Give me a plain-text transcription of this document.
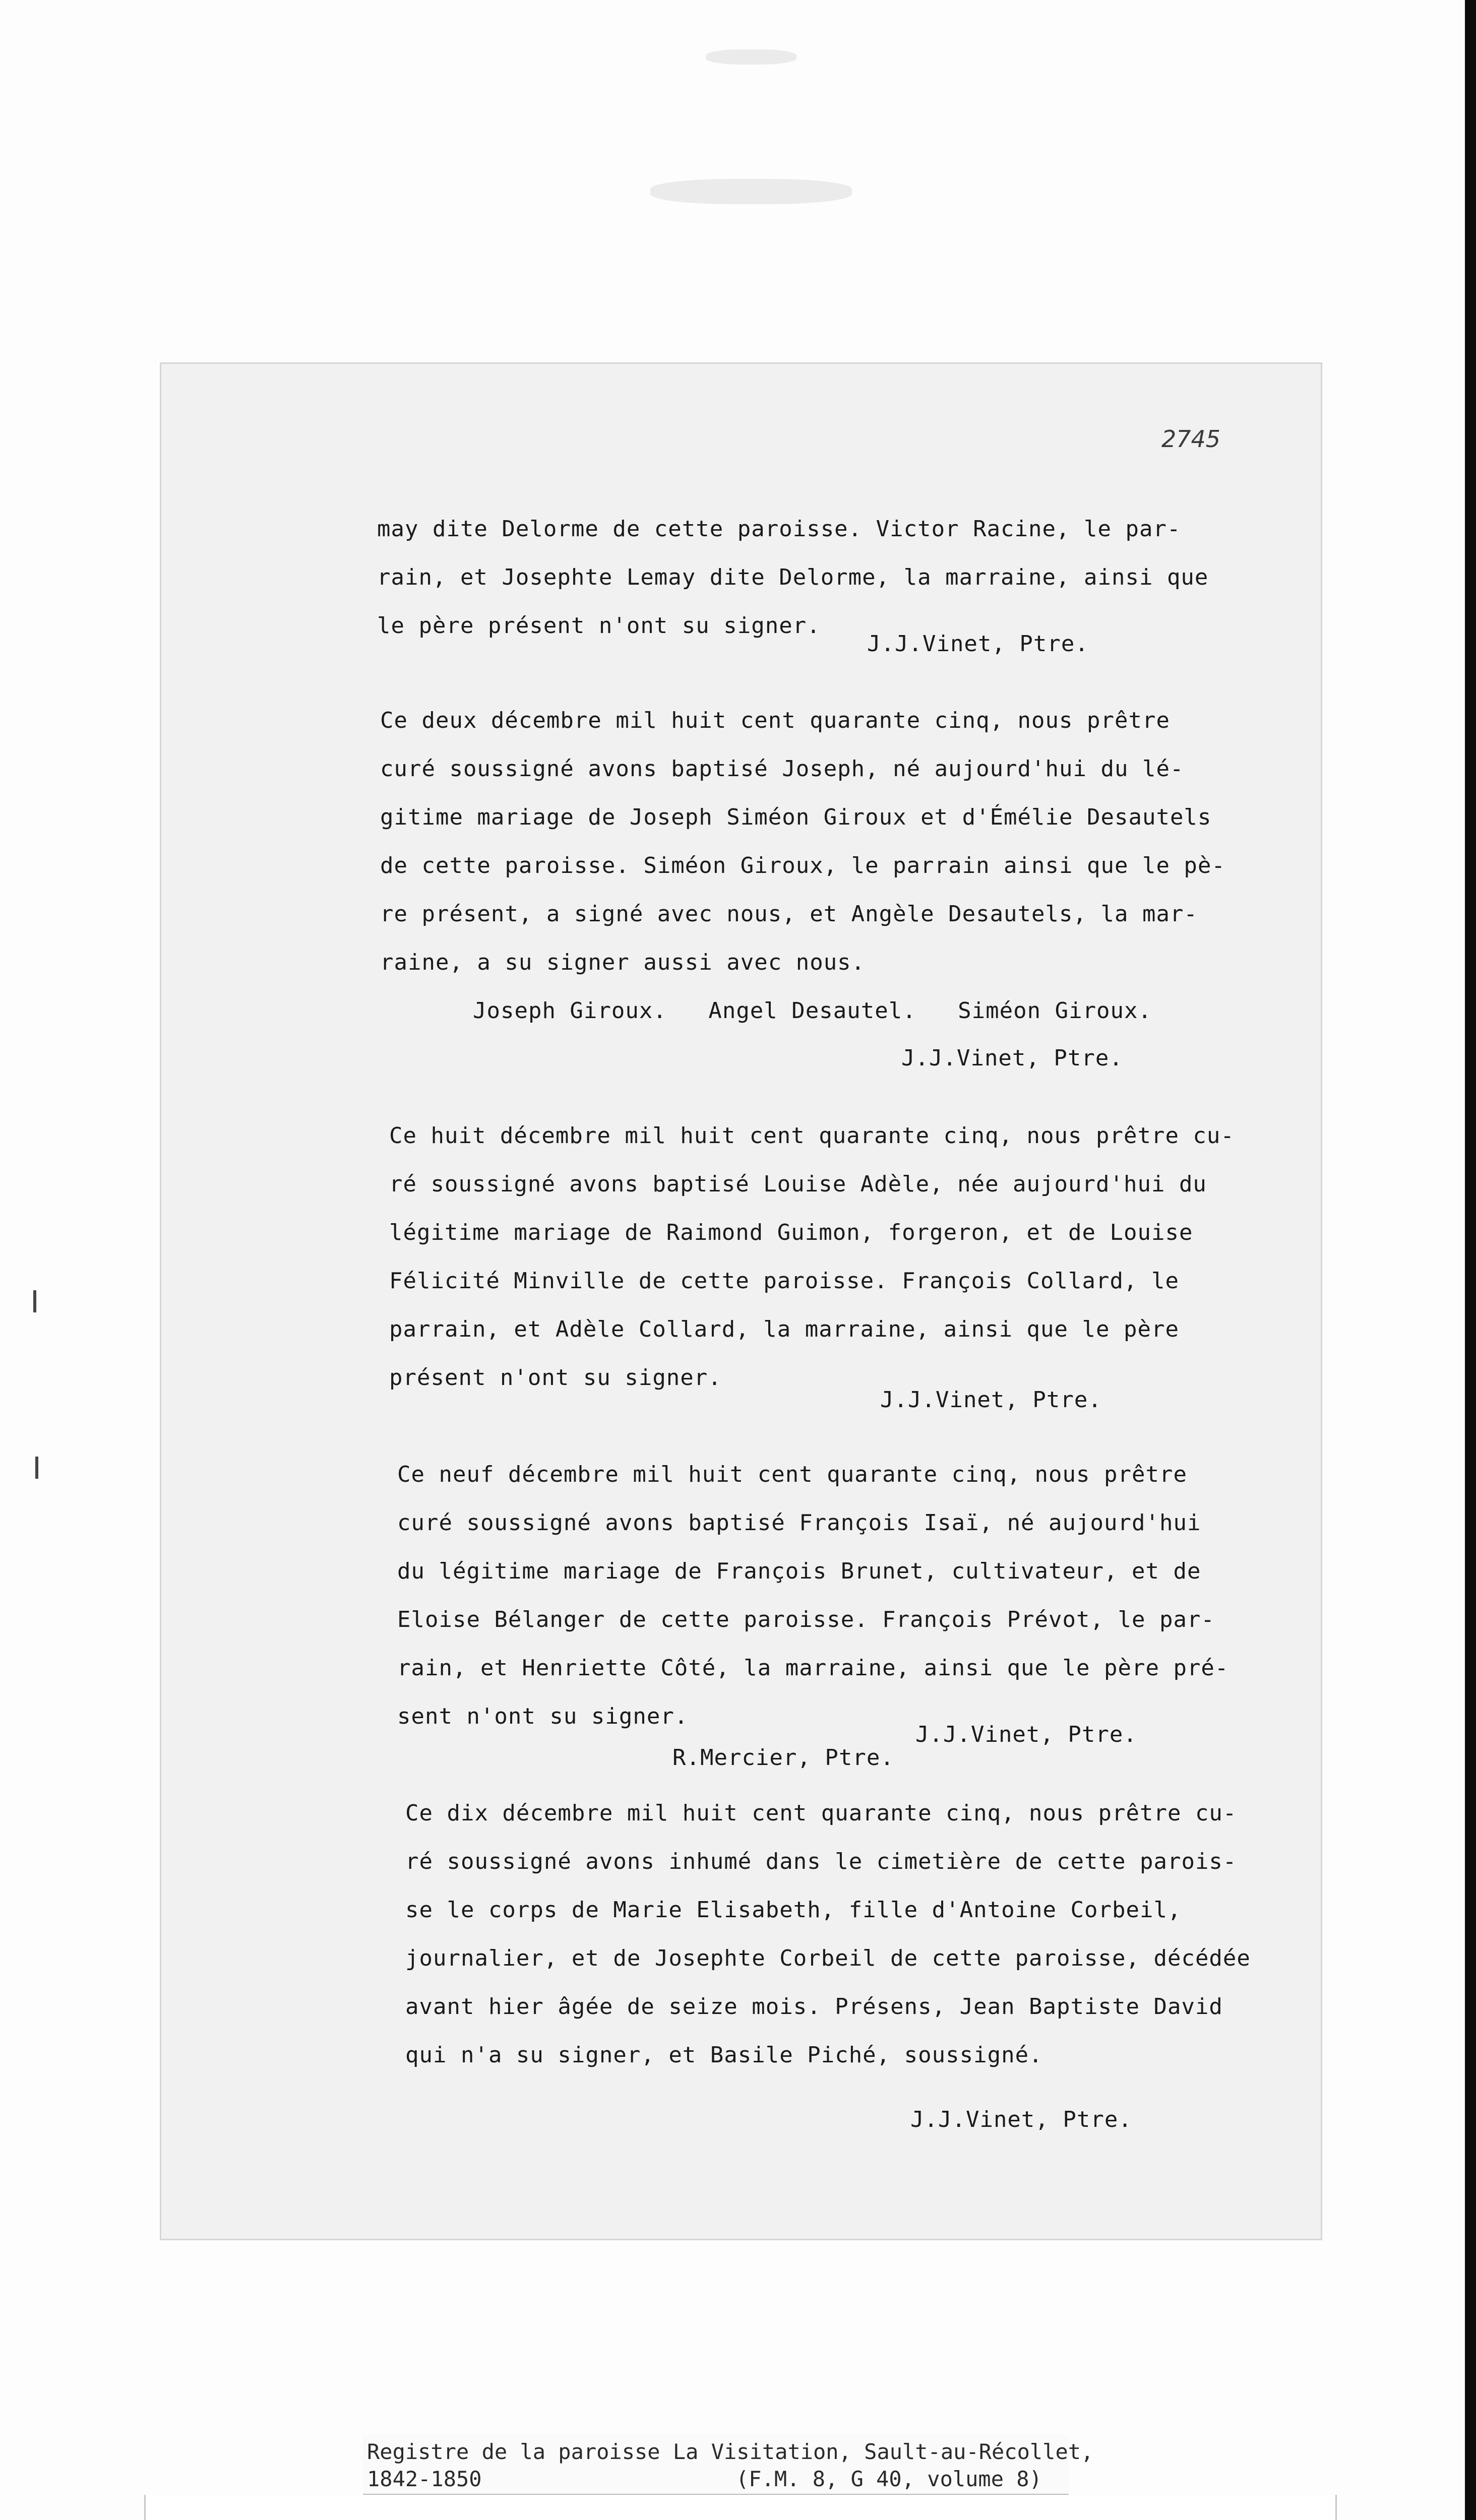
2745
may dite Delorme de cette paroisse. Victor Racine, le par-
rain, et Josephte Lemay dite Delorme, la marraine, ainsi que
le père présent n'ont su signer.
J.J.Vinet, Ptre.
Ce deux décembre mil huit cent quarante cinq, nous prêtre
curé soussigné avons baptisé Joseph, né aujourd'hui du lé-
gitime mariage de Joseph Siméon Giroux et d'Émélie Desautels
de cette paroisse. Siméon Giroux, le parrain ainsi que le pè-
re présent, a signé avec nous, et Angèle Desautels, la mar-
raine, a su signer aussi avec nous.
Joseph Giroux.   Angel Desautel.   Siméon Giroux.
J.J.Vinet, Ptre.
Ce huit décembre mil huit cent quarante cinq, nous prêtre cu-
ré soussigné avons baptisé Louise Adèle, née aujourd'hui du
légitime mariage de Raimond Guimon, forgeron, et de Louise
Félicité Minville de cette paroisse. François Collard, le
parrain, et Adèle Collard, la marraine, ainsi que le père
présent n'ont su signer.
J.J.Vinet, Ptre.
Ce neuf décembre mil huit cent quarante cinq, nous prêtre
curé soussigné avons baptisé François Isaï, né aujourd'hui
du légitime mariage de François Brunet, cultivateur, et de
Eloise Bélanger de cette paroisse. François Prévot, le par-
rain, et Henriette Côté, la marraine, ainsi que le père pré-
sent n'ont su signer.
J.J.Vinet, Ptre.
R.Mercier, Ptre.
Ce dix décembre mil huit cent quarante cinq, nous prêtre cu-
ré soussigné avons inhumé dans le cimetière de cette parois-
se le corps de Marie Elisabeth, fille d'Antoine Corbeil,
journalier, et de Josephte Corbeil de cette paroisse, décédée
avant hier âgée de seize mois. Présens, Jean Baptiste David
qui n'a su signer, et Basile Piché, soussigné.
J.J.Vinet, Ptre.
Registre de la paroisse La Visitation, Sault-au-Récollet,
1842-1850	(F.M. 8, G 40, volume 8)
